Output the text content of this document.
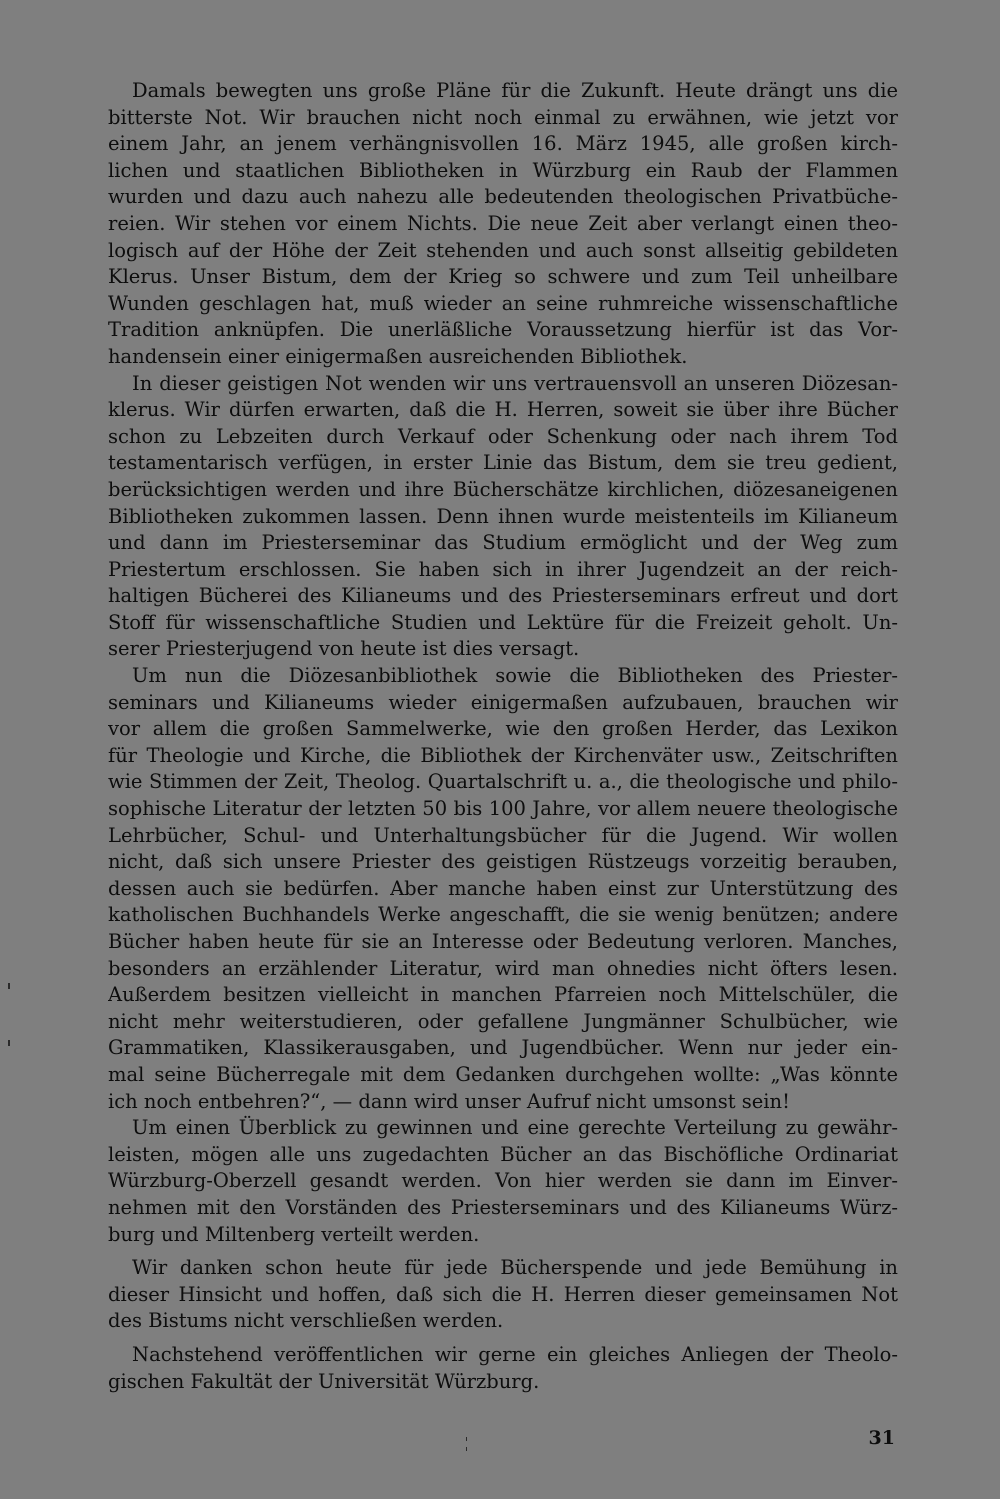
Damals bewegten uns große Pläne für die Zukunft. Heute drängt uns die
bitterste Not. Wir brauchen nicht noch einmal zu erwähnen, wie jetzt vor
einem Jahr, an jenem verhängnisvollen 16. März 1945, alle großen kirch-
lichen und staatlichen Bibliotheken in Würzburg ein Raub der Flammen
wurden und dazu auch nahezu alle bedeutenden theologischen Privatbüche-
reien. Wir stehen vor einem Nichts. Die neue Zeit aber verlangt einen theo-
logisch auf der Höhe der Zeit stehenden und auch sonst allseitig gebildeten
Klerus. Unser Bistum, dem der Krieg so schwere und zum Teil unheilbare
Wunden geschlagen hat, muß wieder an seine ruhmreiche wissenschaftliche
Tradition anknüpfen. Die unerläßliche Voraussetzung hierfür ist das Vor-
handensein einer einigermaßen ausreichenden Bibliothek.

In dieser geistigen Not wenden wir uns vertrauensvoll an unseren Diözesan-
klerus. Wir dürfen erwarten, daß die H. Herren, soweit sie über ihre Bücher
schon zu Lebzeiten durch Verkauf oder Schenkung oder nach ihrem Tod
testamentarisch verfügen, in erster Linie das Bistum, dem sie treu gedient,
berücksichtigen werden und ihre Bücherschätze kirchlichen, diözesaneigenen
Bibliotheken zukommen lassen. Denn ihnen wurde meistenteils im Kilianeum
und dann im Priesterseminar das Studium ermöglicht und der Weg zum
Priestertum erschlossen. Sie haben sich in ihrer Jugendzeit an der reich-
haltigen Bücherei des Kilianeums und des Priesterseminars erfreut und dort
Stoff für wissenschaftliche Studien und Lektüre für die Freizeit geholt. Un-
serer Priesterjugend von heute ist dies versagt.

Um nun die Diözesanbibliothek sowie die Bibliotheken des Priester-
seminars und Kilianeums wieder einigermaßen aufzubauen, brauchen wir
vor allem die großen Sammelwerke, wie den großen Herder, das Lexikon
für Theologie und Kirche, die Bibliothek der Kirchenväter usw., Zeitschriften
wie Stimmen der Zeit, Theolog. Quartalschrift u. a., die theologische und philo-
sophische Literatur der letzten 50 bis 100 Jahre, vor allem neuere theologische
Lehrbücher, Schul- und Unterhaltungsbücher für die Jugend. Wir wollen
nicht, daß sich unsere Priester des geistigen Rüstzeugs vorzeitig berauben,
dessen auch sie bedürfen. Aber manche haben einst zur Unterstützung des
katholischen Buchhandels Werke angeschafft, die sie wenig benützen; andere
Bücher haben heute für sie an Interesse oder Bedeutung verloren. Manches,
besonders an erzählender Literatur, wird man ohnedies nicht öfters lesen.
Außerdem besitzen vielleicht in manchen Pfarreien noch Mittelschüler, die
nicht mehr weiterstudieren, oder gefallene Jungmänner Schulbücher, wie
Grammatiken, Klassikerausgaben, und Jugendbücher. Wenn nur jeder ein-
mal seine Bücherregale mit dem Gedanken durchgehen wollte: „Was könnte
ich noch entbehren?“, — dann wird unser Aufruf nicht umsonst sein!

Um einen Überblick zu gewinnen und eine gerechte Verteilung zu gewähr-
leisten, mögen alle uns zugedachten Bücher an das Bischöfliche Ordinariat
Würzburg-Oberzell gesandt werden. Von hier werden sie dann im Einver-
nehmen mit den Vorständen des Priesterseminars und des Kilianeums Würz-
burg und Miltenberg verteilt werden.

Wir danken schon heute für jede Bücherspende und jede Bemühung in
dieser Hinsicht und hoffen, daß sich die H. Herren dieser gemeinsamen Not
des Bistums nicht verschließen werden.

Nachstehend veröffentlichen wir gerne ein gleiches Anliegen der Theolo-
gischen Fakultät der Universität Würzburg.

31
